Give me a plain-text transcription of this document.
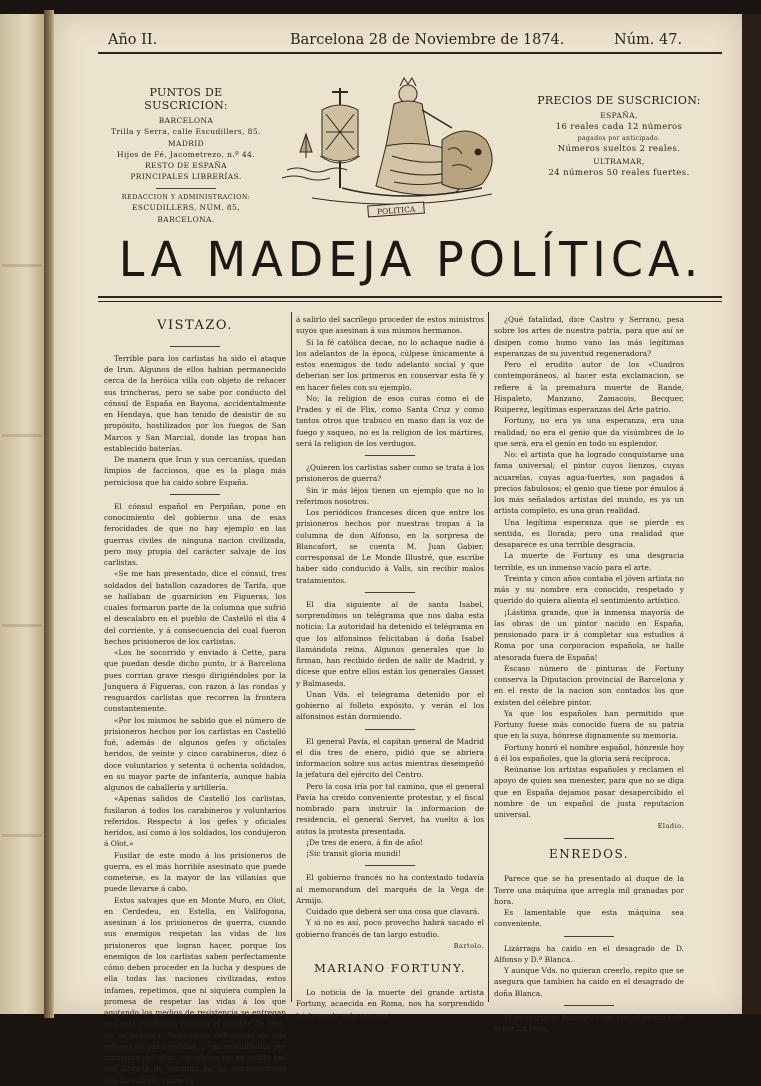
Año II.	Barcelona 28 de Noviembre de 1874.	Núm. 47.
PUNTOS DE SUSCRICION:
BARCELONA
Trilla y Serra, calle Escudillers, 85.
MADRID
Hijos de Fé, Jacometrezo, n.º 44.
RESTO DE ESPAÑA
PRINCIPALES LIBRERÍAS.
REDACCION Y ADMINISTRACION:
ESCUDILLERS, NÚM. 85, BARCELONA.
POLITICA
PRECIOS DE SUSCRICION:
ESPAÑA,
16 reales cada 12 números
pagados por anticipado.
Números sueltos 2 reales.
ULTRAMAR,
24 números 50 reales fuertes.
LA MADEJA POLÍTICA.
VISTAZO.

Terrible para los carlistas ha sido el ataque de Irun. Algunos de ellos habian permanecido cerca de la heróica villa con objeto de rehacer sus trincheras, pero se sabe por conducto del cónsul de España en Bayona, accidentalmente en Hendaya, que han tenido de desistir de su propósito, hostilizados por los fuegos de San Marcos y San Marcial, donde las tropas han establecido baterías.

De manera que Irun y sus cercanías, quedan limpios de facciosos, que es la plaga más perniciosa que ha caido sobre España.

El cónsul español en Perpiñan, pone en conocimiento del gobierno una de esas ferocidades de que no hay ejemplo en las guerras civiles de ninguna nacion civilizada, pero muy propia del carácter salvaje de los carlistas.

«Se me han presentado, dice el cónsul, tres soldados del batallon cazadores de Tarifa, que se hallaban de guarnicion en Figueras, los cuales formaron parte de la columna que sufrió el descalabro en el pueblo de Castelló el dia 4 del corriente, y á consecuencia del cual fueron hechos prisioneros de los carlistas.

«Los he socorrido y enviado á Cette, para que puedan desde dicho punto, ir á Barcelona pues corrian grave riesgo dirigiéndoles por la Junquera á Figueras, con razon á las rondas y resguardos carlistas que recorren la frontera constantemente.

«Por los mismos he sabido que el número de prisioneros hechos por los carlistas en Castelló fué, además de algunos gefes y oficiales heridos, de veinte y cinco carabineros, diez ó doce voluntarios y setenta ú ochenta soldados, en su mayor parte de infantería, aunque habia algunos de caballería y artillería.

«Apenas salidos de Castelló los carlistas, fusilaron á todos los carabineros y voluntarios referidos. Respecto á los gefes y oficiales heridos, así como á los soldados, los condujeron á Olot.»

Fusilar de este modo á los prisioneros de guerra, es el más horrible asesinato que puede cometerse, es la mayor de las villanías que puede llevarse á cabo.

Estos salvajes que en Monte Muro, en Olot, en Cerdedeu, en Estella, en Vallfogona, asesinan á los prisioneros de guerra, cuando sus enemigos respetan las vidas de los prisioneros que logran hacer, porque los enemigos de los carlistas saben perfectamente cómo deben proceder en la lucha y despues de ella todas las naciones civilizadas, estos infames, repetimos, que ni siquiera cumplen la promesa de respetar las vidas á los que agotando los medios de resistencia se entregan con esta condicion, invocan el nombre de Dios, en su bandera, llamándose defensores de una religion de paz y caridad, y van acaudillados por ministros del altar. La iglesia no ha salido tan mal librada de ninguna de las persecuciones que ha sufrido, como va

á salirlo del sacrílego proceder de estos ministros suyos que asesinan á sus mismos hermanos.

Si la fé católica decae, no lo achaque nadie á los adelantos de la época, cúlpese únicamente á estos enemigos de todo adelanto social y que deberian ser los primeros en conservar esta fé y en hacer fieles con su ejemplo.

No; la religion de esos curas como el de Prades y el de Flix, como Santa Cruz y como tantos otros que trabuco en mano dan la voz de fuego y saqueo, no es la religion de los mártires, será la religion de los verdugos.

¿Quieren los carlistas saber como se trata á los prisioneros de guerra?

Sin ir más léjos tienen un ejemplo que no lo referimos nosotros.

Los periódicos franceses dicen que entre los prisioneros hechos por nuestras tropas á la columna de don Alfonso, en la sorpresa de Blancafort, se cuenta M. Juan Gabier, corresponsal de Le Monde Illustré, que escribe haber sido conducido á Valls, sin recibir malos tratamientos.

El dia siguiente al de santa Isabel, sorprendímos un telégrama que nos daba esta noticia: La autoridad ha detenido el telégrama en que los alfonsinos felicitaban á doña Isabel llamándola reina. Algunos generales que lo firman, han recibido órden de salir de Madrid, y dícese que entre ellos están los generales Gasset y Balmaseda.

Unan Vds. el telegrama detenido por el gobierno al folleto expósito, y verán el los alfonsinos están dormiendo.

El general Pavía, el capitan general de Madrid el dia tres de enero, pidió que se abriera informacion sobre sus actos mientras desempeñó la jefatura del ejército del Centro.

Pero la cosa iría por tal camino, que el general Pavía ha creido conveniente protestar, y el fiscal nombrado para instruir la informacion de residencia, el general Servet, ha vuelto á los autos la protesta presentada.

¡De tres de enero, á fin de año!

¡Sic transit gloria mundi!

El gobierno francés no ha contestado todavía al memorandum del marqués de la Vega de Armijo.

Cuidado que deberá ser una cosa que clavará.

Y si no es así, poco provecho habrá sacado el gobierno francés de tan largo estudio.

Bartolo.
MARIANO FORTUNY.

Lo noticia de la muerte del grande artista Fortuny, acaecida en Roma, nos ha sorprendido tristemente esta semana.

¿Qué fatalidad, dice Castro y Serrano, pesa sobre los artes de nuestra patria, para que así se disipen como humo vano las más legítimas esperanzas de su juventud regeneradora?

Pero el erudito autor de los «Cuadros contemporáneos, al hacer esta exclamacion, se refiere á la prematura muerte de Rande, Hispaleto, Manzano, Zamacois, Becquer, Ruiperez, legítimas esperanzas del Arte patrio.

Fortuny, no era ya una esperanza, era una realidad; no era el genio que da visúmbres de lo que será, era el genio en todo su esplendor.

No: el artista que ha logrado conquistarse una fama universal; el pintor cuyos lienzos, cuyas acuarelas, cuyas agua-fuertes, son pagados á precios fabulosos; el genio que tiene por émulos á los más señalados artistas del mundo, es ya un artista completo, es una gran realidad.

Una legítima esperanza que se pierde es sentida, es llorada; pero una realidad que desaparece es una terrible desgracia.

La muerte de Fortuny es una desgracia terrible, es un inmenso vacío para el arte.

Treinta y cinco años contaba el jóven artista no más y su nombre era conocido, respetado y querido do quiera alienta el sentimiento artístico.

¡Lástima grande, que la inmensa mayoría de las obras de un pintor nacido en España, pensionado para ir á completar sus estudios á Roma por una corporacion española, se halle atesorada fuera de España!

Escaso número de pinturas de Fortuny conserva la Diputacion provincial de Barcelona y en el resto de la nacion son contados los que existen del célebre pintor.

Ya que los españoles han permitido que Fortuny fuese más conocido fuera de su patria que en la suya, hónrese dignamente su memoria.

Fortuny honró el nombre español, hónrenle hoy á él los españoles, que la gloria será recíproca.

Reúnanse los artistas españoles y reclamen el apoyo de quien sea menester, para que no se diga que en España dejamos pasar desapercibido el nombre de un español de justa reputacion universal.

Eladio.
ENREDOS.

Parece que se ha presentado al duque de la Torre una máquina que arregla mil granadas por hora.

Es lamentable que esta máquina sea conveniente.

Lizárraga ha caido en el desagrado de D. Alfonso y D.ª Blanca.

Y aunque Vds. no quieran creerlo, repito que se asegura que tambien ha caido en el desagrado de doña Blanca.

El ex-mariscal Bazaine, viaja con el nombre de señor La Pena.
